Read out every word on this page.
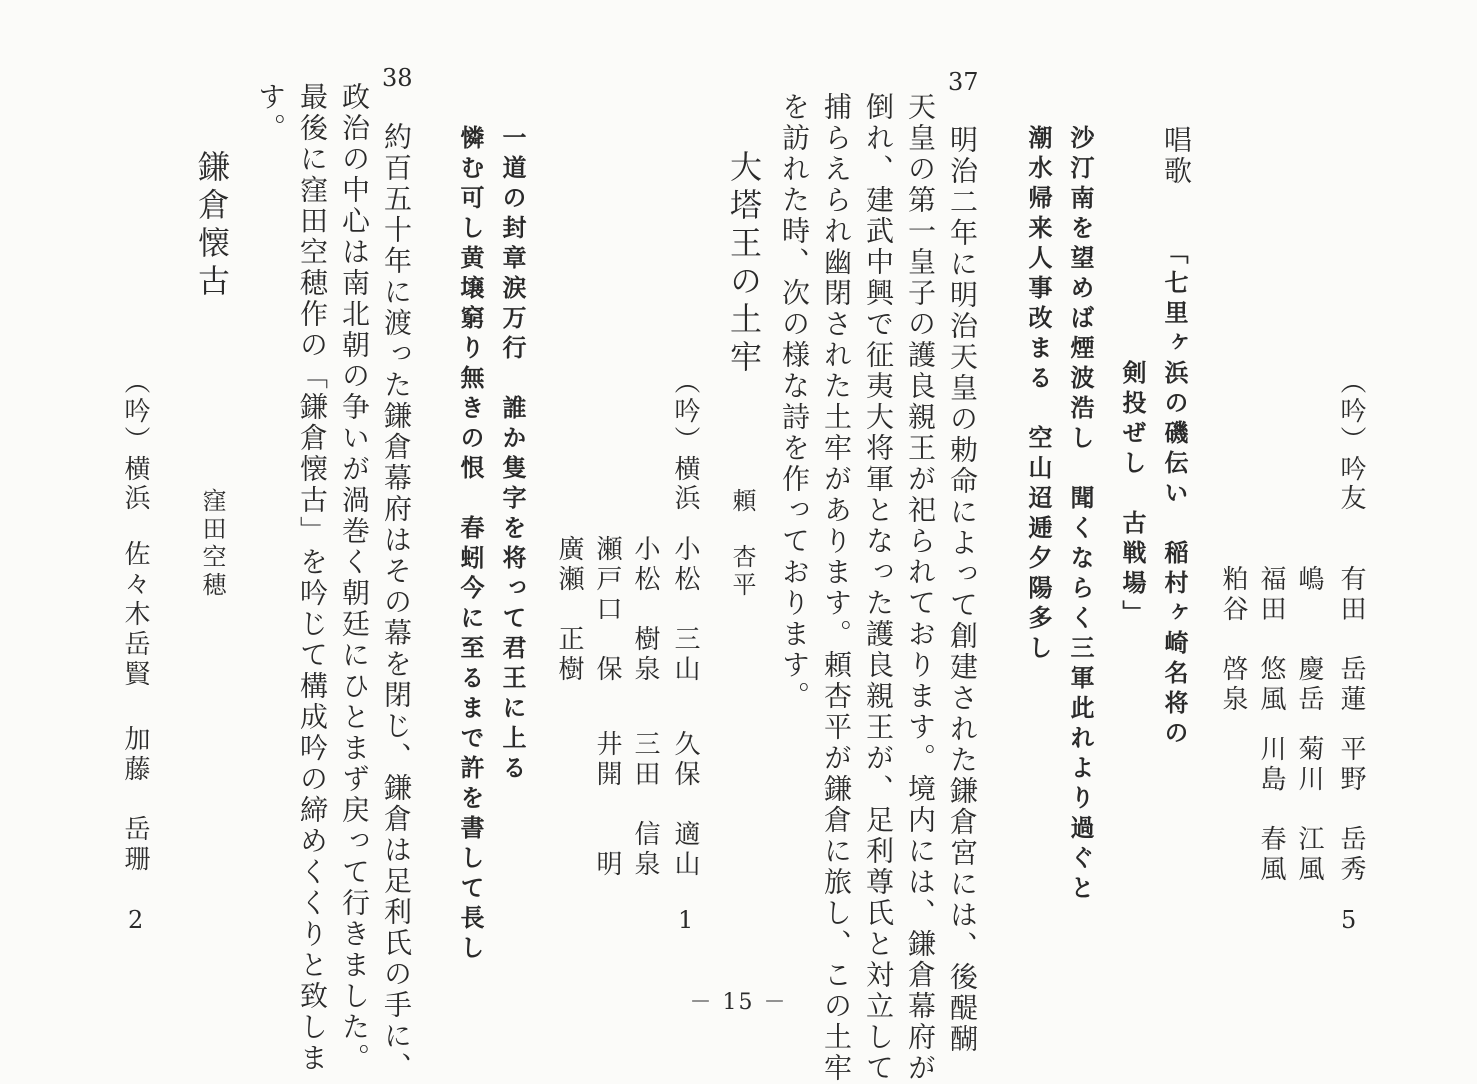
（吟）吟友
有田　岳蓮
平野　岳秀
5
嶋　　慶岳
菊川　江風
福田　悠風
川島　春風
粕谷　啓泉
唱歌
「七里ヶ浜の磯伝い　稲村ヶ崎名将の
剣投ぜし　古戦場」
沙汀南を望めば煙波浩し　聞くならく三軍此れより過ぐと
潮水帰来人事改まる　空山迢逓夕陽多し
37
明治二年に明治天皇の勅命によって創建された鎌倉宮には、後醍醐
天皇の第一皇子の護良親王が祀られております。境内には、鎌倉幕府が
倒れ、建武中興で征夷大将軍となった護良親王が、足利尊氏と対立して
捕らえられ幽閉された土牢があります。頼杏平が鎌倉に旅し、この土牢
を訪れた時、次の様な詩を作っております。
大塔王の土牢
頼　杏平
（吟）横浜
小松　三山
久保　適山
1
小松　樹泉
三田　信泉
瀬戸口　保
井開　　明
廣瀬　正樹
一道の封章涙万行　誰か隻字を将って君王に上る
憐む可し黄壌窮り無きの恨　春蚓今に至るまで許を書して長し
38
約百五十年に渡った鎌倉幕府はその幕を閉じ、鎌倉は足利氏の手に、
政治の中心は南北朝の争いが渦巻く朝廷にひとまず戻って行きました。
最後に窪田空穂作の「鎌倉懐古」を吟じて構成吟の締めくくりと致しま
す。
鎌倉懐古
窪田空穂
（吟）横浜
佐々木岳賢
加藤　岳珊
2
－ 15 －
